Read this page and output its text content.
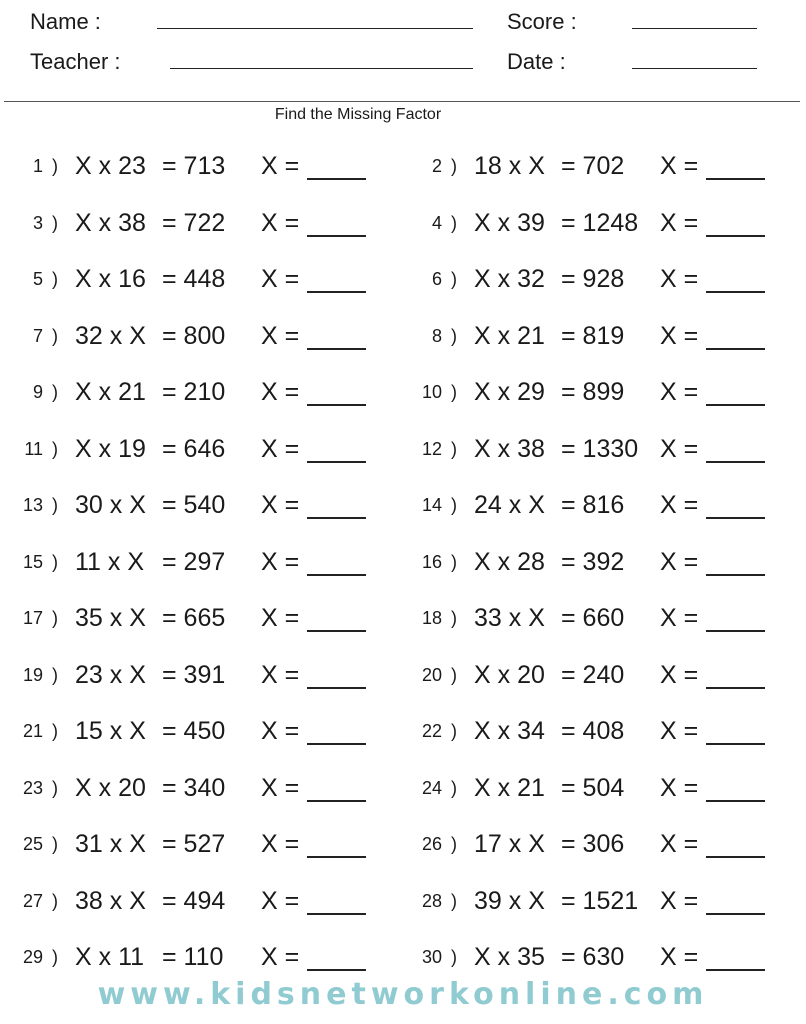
Name :	Score :
Teacher :	Date :
Find the Missing Factor
1 ) X x 23 = 713 X =	2 ) 18 x X = 702 X =
3 ) X x 38 = 722 X =	4 ) X x 39 = 1248 X =
5 ) X x 16 = 448 X =	6 ) X x 32 = 928 X =
7 ) 32 x X = 800 X =	8 ) X x 21 = 819 X =
9 ) X x 21 = 210 X =	10 ) X x 29 = 899 X =
11 ) X x 19 = 646 X =	12 ) X x 38 = 1330 X =
13 ) 30 x X = 540 X =	14 ) 24 x X = 816 X =
15 ) 11 x X = 297 X =	16 ) X x 28 = 392 X =
17 ) 35 x X = 665 X =	18 ) 33 x X = 660 X =
19 ) 23 x X = 391 X =	20 ) X x 20 = 240 X =
21 ) 15 x X = 450 X =	22 ) X x 34 = 408 X =
23 ) X x 20 = 340 X =	24 ) X x 21 = 504 X =
25 ) 31 x X = 527 X =	26 ) 17 x X = 306 X =
27 ) 38 x X = 494 X =	28 ) 39 x X = 1521 X =
29 ) X x 11 = 110 X =	30 ) X x 35 = 630 X =
www.kidsnetworkonline.com
